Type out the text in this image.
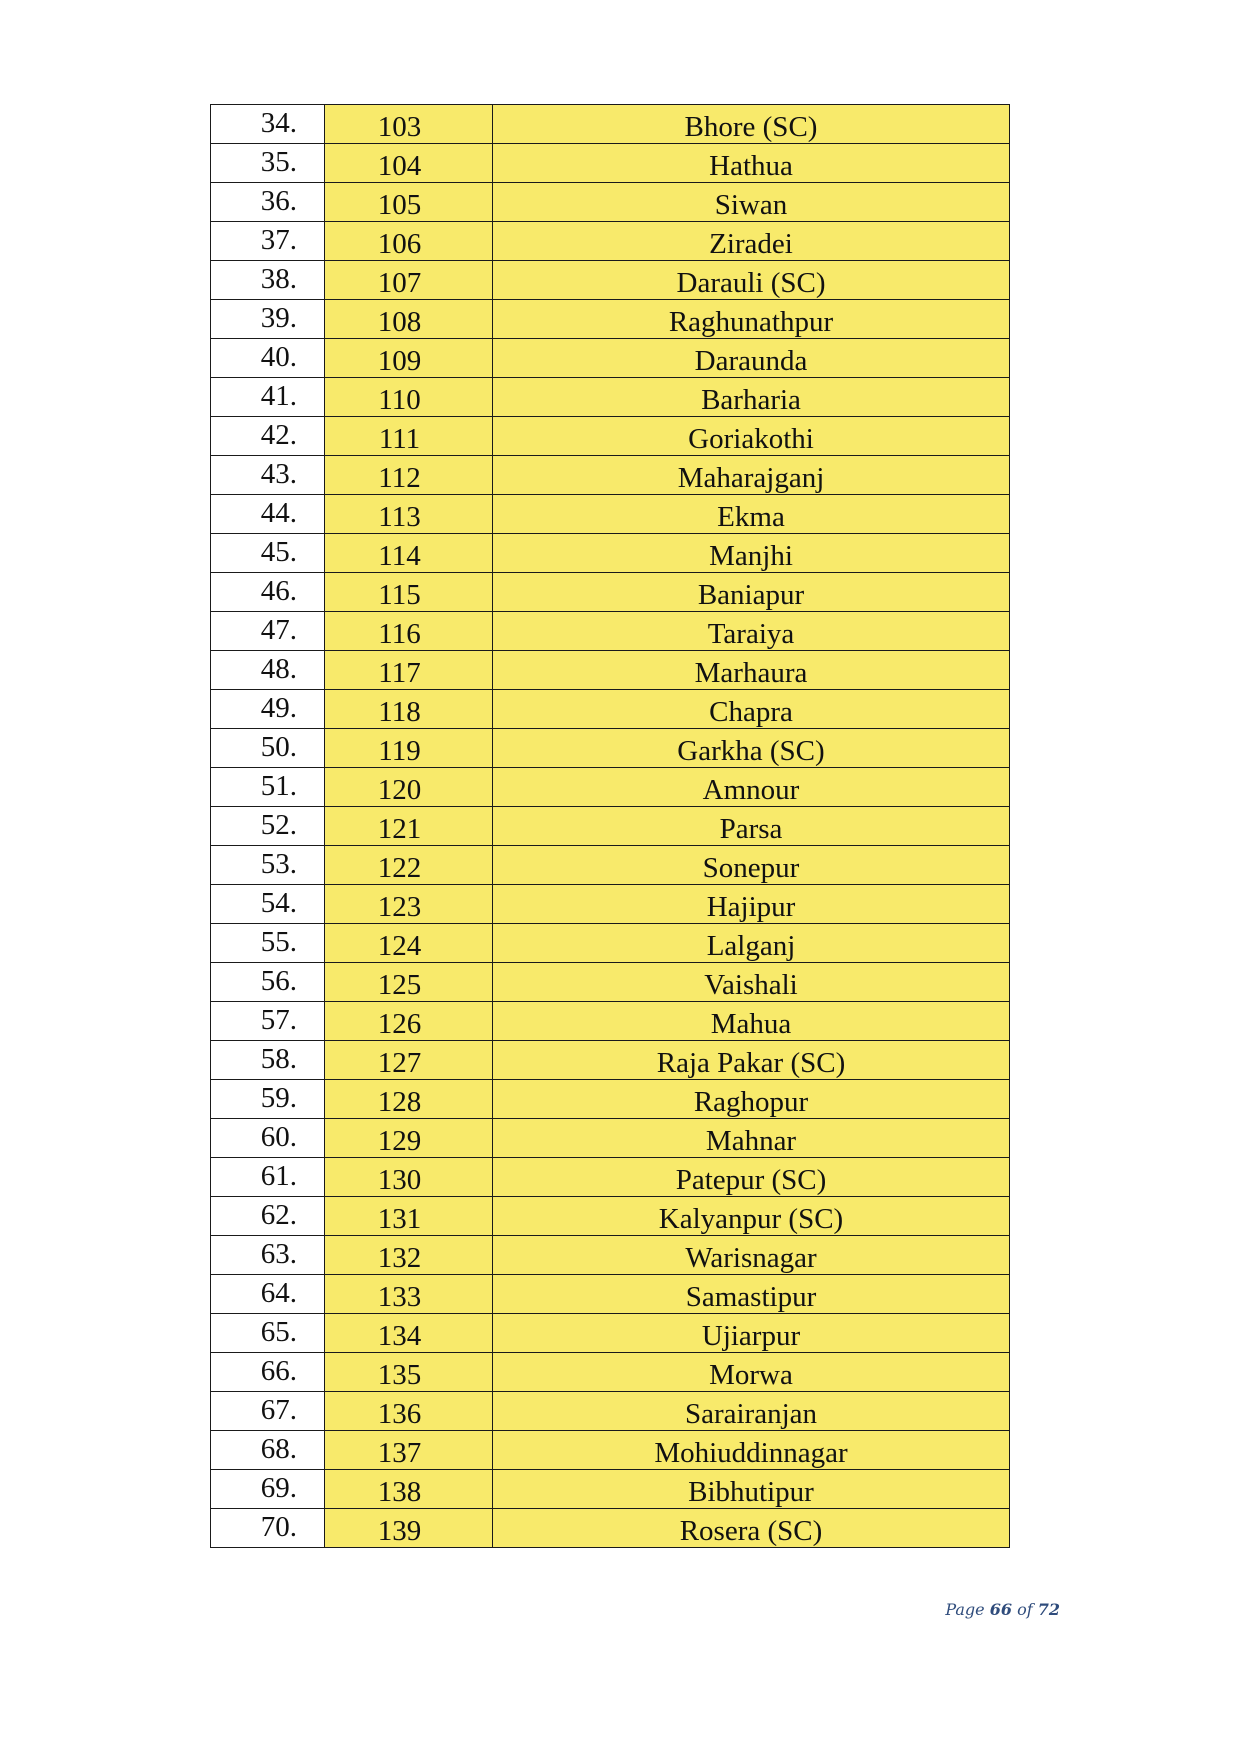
34.	103	Bhore (SC)
35.	104	Hathua
36.	105	Siwan
37.	106	Ziradei
38.	107	Darauli (SC)
39.	108	Raghunathpur
40.	109	Daraunda
41.	110	Barharia
42.	111	Goriakothi
43.	112	Maharajganj
44.	113	Ekma
45.	114	Manjhi
46.	115	Baniapur
47.	116	Taraiya
48.	117	Marhaura
49.	118	Chapra
50.	119	Garkha (SC)
51.	120	Amnour
52.	121	Parsa
53.	122	Sonepur
54.	123	Hajipur
55.	124	Lalganj
56.	125	Vaishali
57.	126	Mahua
58.	127	Raja Pakar (SC)
59.	128	Raghopur
60.	129	Mahnar
61.	130	Patepur (SC)
62.	131	Kalyanpur (SC)
63.	132	Warisnagar
64.	133	Samastipur
65.	134	Ujiarpur
66.	135	Morwa
67.	136	Sarairanjan
68.	137	Mohiuddinnagar
69.	138	Bibhutipur
70.	139	Rosera (SC)
Page 66 of 72
